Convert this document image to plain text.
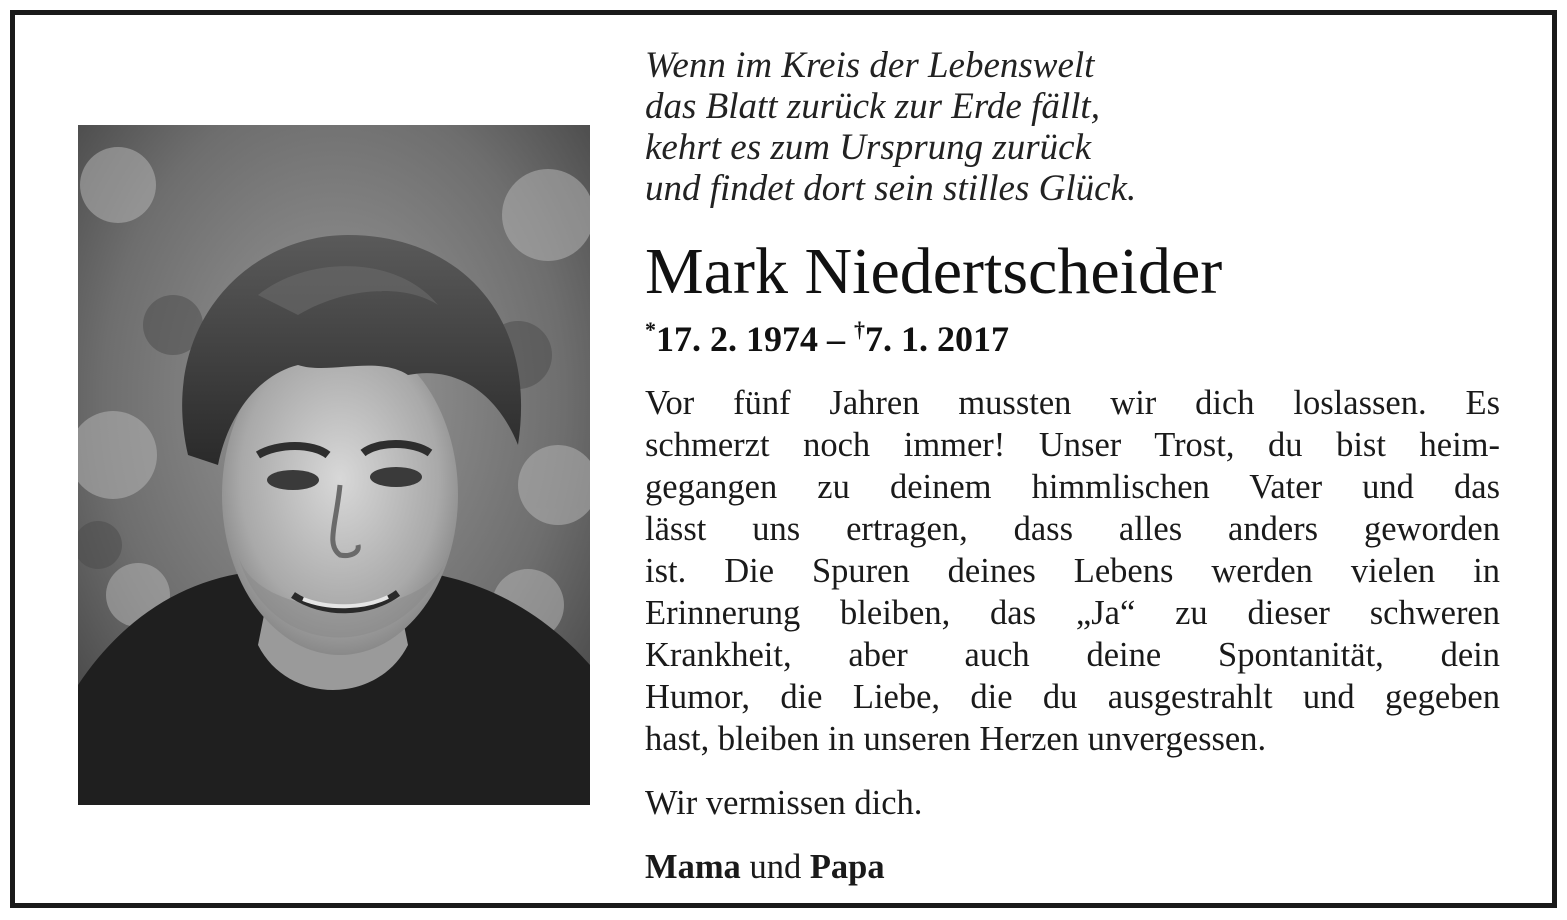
Wenn im Kreis der Lebenswelt
das Blatt zurück zur Erde fällt,
kehrt es zum Ursprung zurück
und findet dort sein stilles Glück.
Mark Niedertscheider
*17. 2. 1974 – †7. 1. 2017
Vor fünf Jahren mussten wir dich loslassen. Es
schmerzt noch immer! Unser Trost, du bist heim-
gegangen zu deinem himmlischen Vater und das
lässt uns ertragen, dass alles anders geworden
ist. Die Spuren deines Lebens werden vielen in
Erinnerung bleiben, das „Ja“ zu dieser schweren
Krankheit, aber auch deine Spontanität, dein
Humor, die Liebe, die du ausgestrahlt und gegeben
hast, bleiben in unseren Herzen unvergessen.
Wir vermissen dich.
Mama und Papa
